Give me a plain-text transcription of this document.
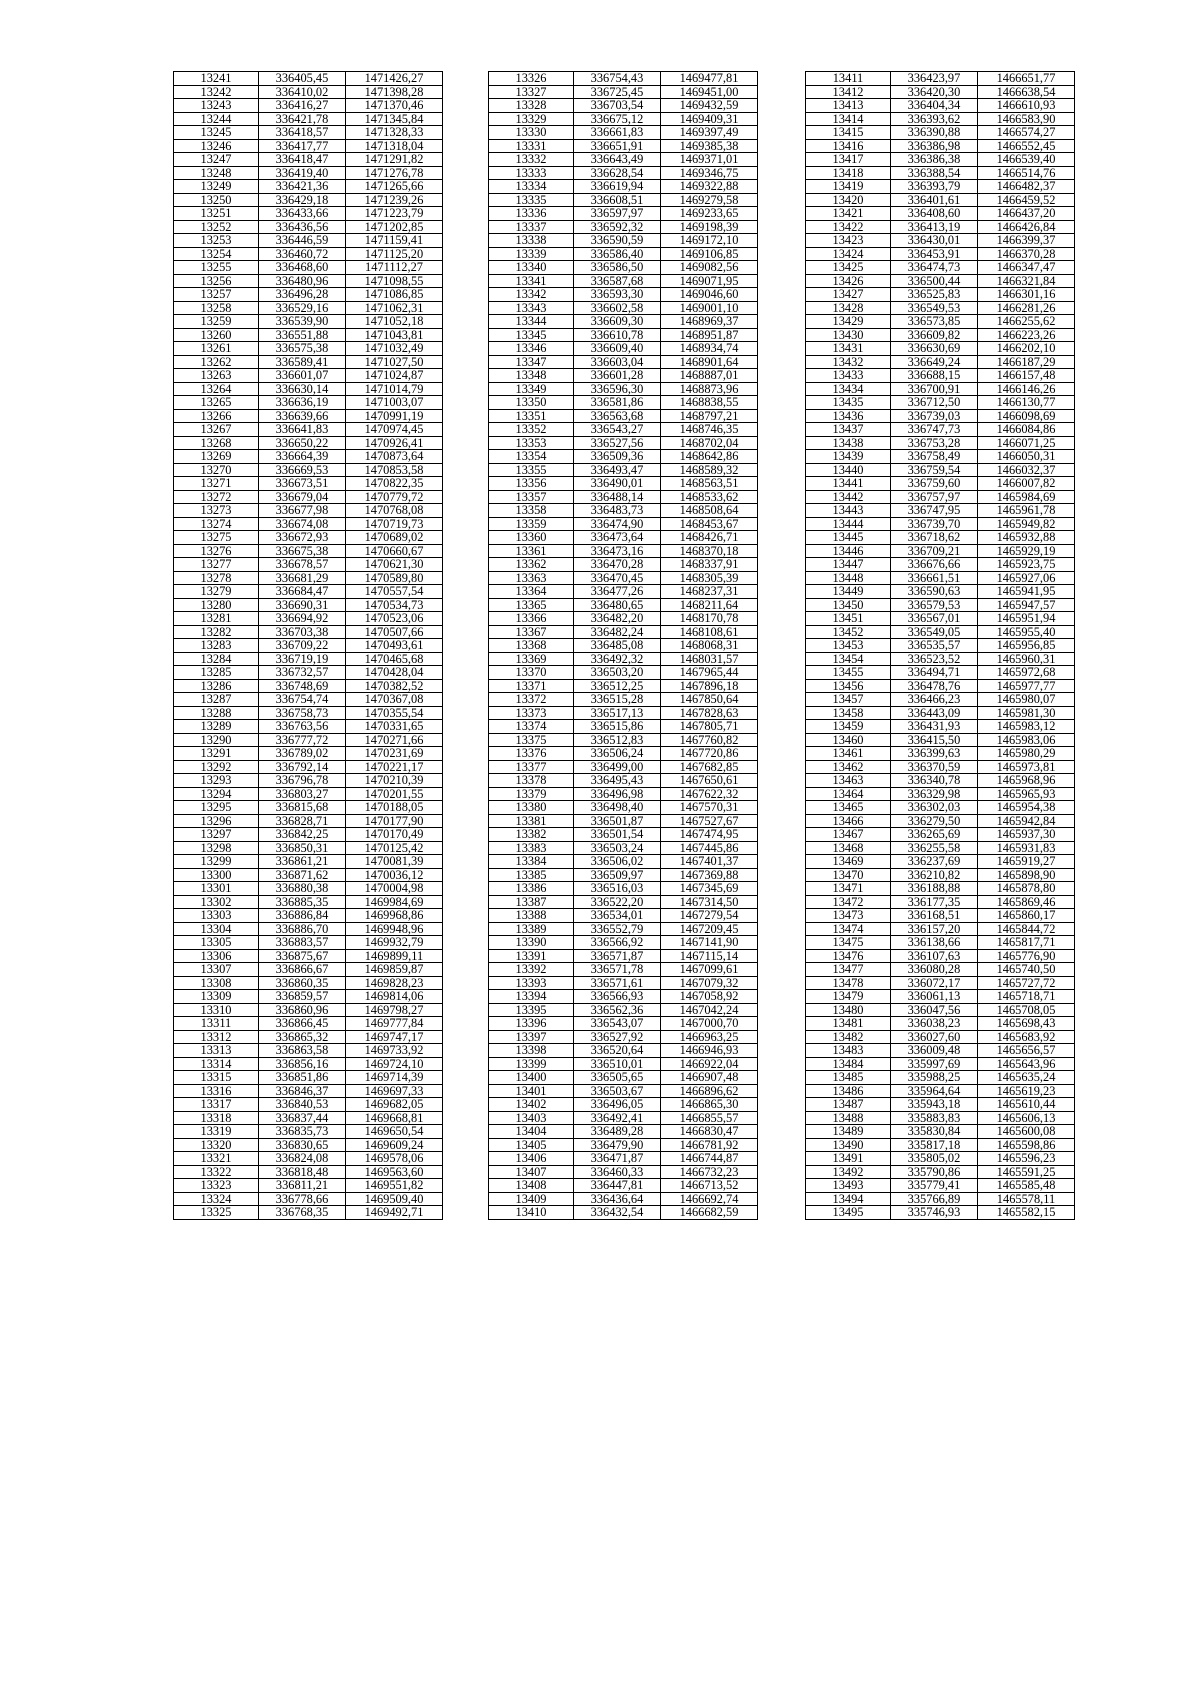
13241	336405,45	1471426,27
13242	336410,02	1471398,28
13243	336416,27	1471370,46
13244	336421,78	1471345,84
13245	336418,57	1471328,33
13246	336417,77	1471318,04
13247	336418,47	1471291,82
13248	336419,40	1471276,78
13249	336421,36	1471265,66
13250	336429,18	1471239,26
13251	336433,66	1471223,79
13252	336436,56	1471202,85
13253	336446,59	1471159,41
13254	336460,72	1471125,20
13255	336468,60	1471112,27
13256	336480,96	1471098,55
13257	336496,28	1471086,85
13258	336529,16	1471062,31
13259	336539,90	1471052,18
13260	336551,88	1471043,81
13261	336575,38	1471032,49
13262	336589,41	1471027,50
13263	336601,07	1471024,87
13264	336630,14	1471014,79
13265	336636,19	1471003,07
13266	336639,66	1470991,19
13267	336641,83	1470974,45
13268	336650,22	1470926,41
13269	336664,39	1470873,64
13270	336669,53	1470853,58
13271	336673,51	1470822,35
13272	336679,04	1470779,72
13273	336677,98	1470768,08
13274	336674,08	1470719,73
13275	336672,93	1470689,02
13276	336675,38	1470660,67
13277	336678,57	1470621,30
13278	336681,29	1470589,80
13279	336684,47	1470557,54
13280	336690,31	1470534,73
13281	336694,92	1470523,06
13282	336703,38	1470507,66
13283	336709,22	1470493,61
13284	336719,19	1470465,68
13285	336732,57	1470428,04
13286	336748,69	1470382,52
13287	336754,74	1470367,08
13288	336758,73	1470355,54
13289	336763,56	1470331,65
13290	336777,72	1470271,66
13291	336789,02	1470231,69
13292	336792,14	1470221,17
13293	336796,78	1470210,39
13294	336803,27	1470201,55
13295	336815,68	1470188,05
13296	336828,71	1470177,90
13297	336842,25	1470170,49
13298	336850,31	1470125,42
13299	336861,21	1470081,39
13300	336871,62	1470036,12
13301	336880,38	1470004,98
13302	336885,35	1469984,69
13303	336886,84	1469968,86
13304	336886,70	1469948,96
13305	336883,57	1469932,79
13306	336875,67	1469899,11
13307	336866,67	1469859,87
13308	336860,35	1469828,23
13309	336859,57	1469814,06
13310	336860,96	1469798,27
13311	336866,45	1469777,84
13312	336865,32	1469747,17
13313	336863,58	1469733,92
13314	336856,16	1469724,10
13315	336851,86	1469714,39
13316	336846,37	1469697,33
13317	336840,53	1469682,05
13318	336837,44	1469668,81
13319	336835,73	1469650,54
13320	336830,65	1469609,24
13321	336824,08	1469578,06
13322	336818,48	1469563,60
13323	336811,21	1469551,82
13324	336778,66	1469509,40
13325	336768,35	1469492,71
13326	336754,43	1469477,81
13327	336725,45	1469451,00
13328	336703,54	1469432,59
13329	336675,12	1469409,31
13330	336661,83	1469397,49
13331	336651,91	1469385,38
13332	336643,49	1469371,01
13333	336628,54	1469346,75
13334	336619,94	1469322,88
13335	336608,51	1469279,58
13336	336597,97	1469233,65
13337	336592,32	1469198,39
13338	336590,59	1469172,10
13339	336586,40	1469106,85
13340	336586,50	1469082,56
13341	336587,68	1469071,95
13342	336593,30	1469046,60
13343	336602,58	1469001,10
13344	336609,30	1468969,37
13345	336610,78	1468951,87
13346	336609,40	1468934,74
13347	336603,04	1468901,64
13348	336601,28	1468887,01
13349	336596,30	1468873,96
13350	336581,86	1468838,55
13351	336563,68	1468797,21
13352	336543,27	1468746,35
13353	336527,56	1468702,04
13354	336509,36	1468642,86
13355	336493,47	1468589,32
13356	336490,01	1468563,51
13357	336488,14	1468533,62
13358	336483,73	1468508,64
13359	336474,90	1468453,67
13360	336473,64	1468426,71
13361	336473,16	1468370,18
13362	336470,28	1468337,91
13363	336470,45	1468305,39
13364	336477,26	1468237,31
13365	336480,65	1468211,64
13366	336482,20	1468170,78
13367	336482,24	1468108,61
13368	336485,08	1468068,31
13369	336492,32	1468031,57
13370	336503,20	1467965,44
13371	336512,25	1467896,18
13372	336515,28	1467850,64
13373	336517,13	1467828,63
13374	336515,86	1467805,71
13375	336512,83	1467760,82
13376	336506,24	1467720,86
13377	336499,00	1467682,85
13378	336495,43	1467650,61
13379	336496,98	1467622,32
13380	336498,40	1467570,31
13381	336501,87	1467527,67
13382	336501,54	1467474,95
13383	336503,24	1467445,86
13384	336506,02	1467401,37
13385	336509,97	1467369,88
13386	336516,03	1467345,69
13387	336522,20	1467314,50
13388	336534,01	1467279,54
13389	336552,79	1467209,45
13390	336566,92	1467141,90
13391	336571,87	1467115,14
13392	336571,78	1467099,61
13393	336571,61	1467079,32
13394	336566,93	1467058,92
13395	336562,36	1467042,24
13396	336543,07	1467000,70
13397	336527,92	1466963,25
13398	336520,64	1466946,93
13399	336510,01	1466922,04
13400	336505,65	1466907,48
13401	336503,67	1466896,62
13402	336496,05	1466865,30
13403	336492,41	1466855,57
13404	336489,28	1466830,47
13405	336479,90	1466781,92
13406	336471,87	1466744,87
13407	336460,33	1466732,23
13408	336447,81	1466713,52
13409	336436,64	1466692,74
13410	336432,54	1466682,59
13411	336423,97	1466651,77
13412	336420,30	1466638,54
13413	336404,34	1466610,93
13414	336393,62	1466583,90
13415	336390,88	1466574,27
13416	336386,98	1466552,45
13417	336386,38	1466539,40
13418	336388,54	1466514,76
13419	336393,79	1466482,37
13420	336401,61	1466459,52
13421	336408,60	1466437,20
13422	336413,19	1466426,84
13423	336430,01	1466399,37
13424	336453,91	1466370,28
13425	336474,73	1466347,47
13426	336500,44	1466321,84
13427	336525,83	1466301,16
13428	336549,53	1466281,26
13429	336573,85	1466255,62
13430	336609,82	1466223,26
13431	336630,69	1466202,10
13432	336649,24	1466187,29
13433	336688,15	1466157,48
13434	336700,91	1466146,26
13435	336712,50	1466130,77
13436	336739,03	1466098,69
13437	336747,73	1466084,86
13438	336753,28	1466071,25
13439	336758,49	1466050,31
13440	336759,54	1466032,37
13441	336759,60	1466007,82
13442	336757,97	1465984,69
13443	336747,95	1465961,78
13444	336739,70	1465949,82
13445	336718,62	1465932,88
13446	336709,21	1465929,19
13447	336676,66	1465923,75
13448	336661,51	1465927,06
13449	336590,63	1465941,95
13450	336579,53	1465947,57
13451	336567,01	1465951,94
13452	336549,05	1465955,40
13453	336535,57	1465956,85
13454	336523,52	1465960,31
13455	336494,71	1465972,68
13456	336478,76	1465977,77
13457	336466,23	1465980,07
13458	336443,09	1465981,30
13459	336431,93	1465983,12
13460	336415,50	1465983,06
13461	336399,63	1465980,29
13462	336370,59	1465973,81
13463	336340,78	1465968,96
13464	336329,98	1465965,93
13465	336302,03	1465954,38
13466	336279,50	1465942,84
13467	336265,69	1465937,30
13468	336255,58	1465931,83
13469	336237,69	1465919,27
13470	336210,82	1465898,90
13471	336188,88	1465878,80
13472	336177,35	1465869,46
13473	336168,51	1465860,17
13474	336157,20	1465844,72
13475	336138,66	1465817,71
13476	336107,63	1465776,90
13477	336080,28	1465740,50
13478	336072,17	1465727,72
13479	336061,13	1465718,71
13480	336047,56	1465708,05
13481	336038,23	1465698,43
13482	336027,60	1465683,92
13483	336009,48	1465656,57
13484	335997,69	1465643,96
13485	335988,25	1465635,24
13486	335964,64	1465619,23
13487	335943,18	1465610,44
13488	335883,83	1465606,13
13489	335830,84	1465600,08
13490	335817,18	1465598,86
13491	335805,02	1465596,23
13492	335790,86	1465591,25
13493	335779,41	1465585,48
13494	335766,89	1465578,11
13495	335746,93	1465582,15
